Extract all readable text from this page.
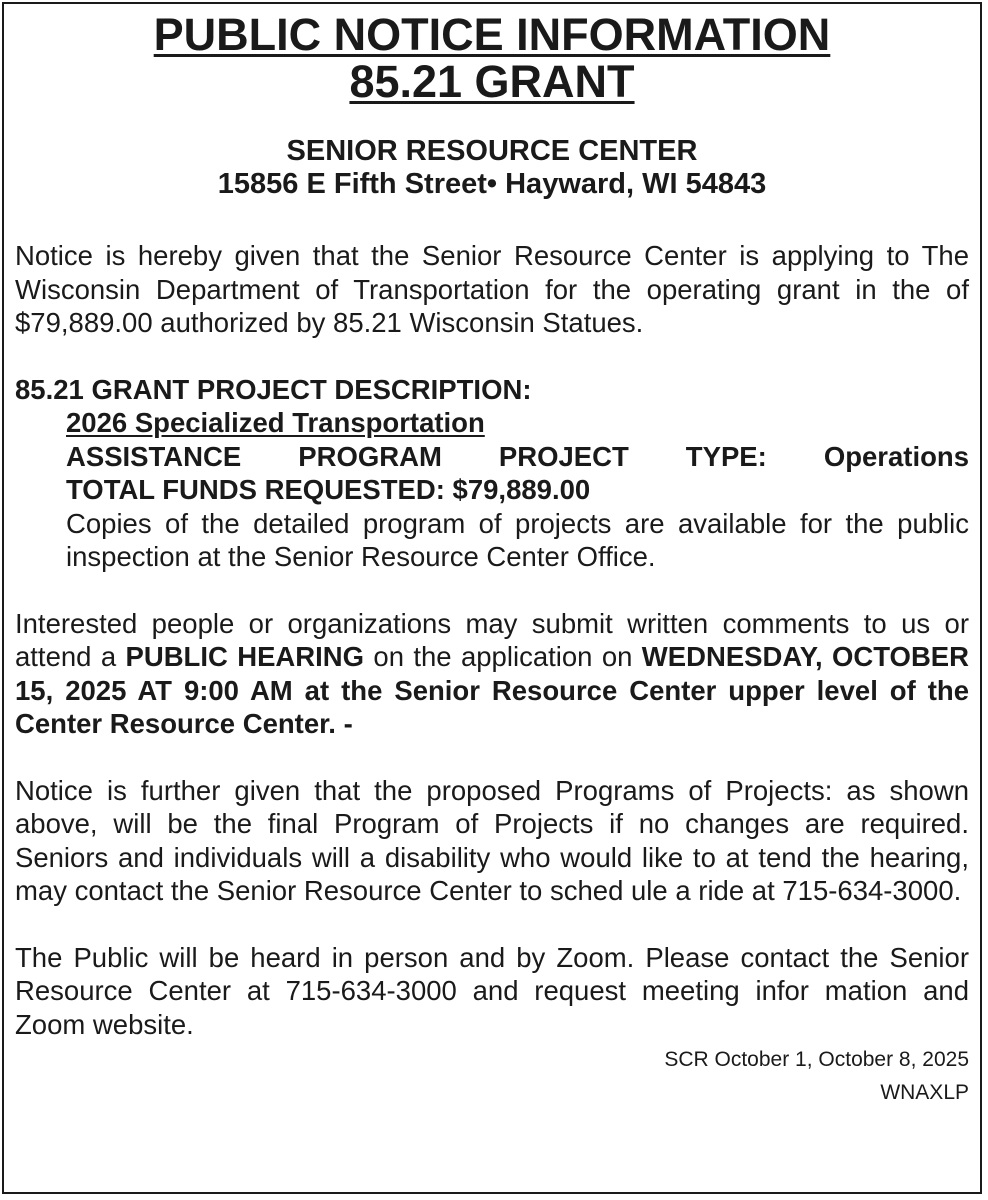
PUBLIC NOTICE INFORMATION
85.21 GRANT
SENIOR RESOURCE CENTER
15856 E Fifth Street• Hayward, WI 54843

Notice is hereby given that the Senior Resource Center is applying to The Wisconsin Department of Transportation for the operating grant in the of $79,889.00 authorized by 85.21 Wisconsin Statues.

85.21 GRANT PROJECT DESCRIPTION:
2026 Specialized Transportation
ASSISTANCE PROGRAM PROJECT TYPE: Operations
TOTAL FUNDS REQUESTED: $79,889.00
Copies of the detailed program of projects are available for the public inspection at the Senior Resource Center Office.

Interested people or organizations may submit written comments to us or attend a PUBLIC HEARING on the application on WEDNESDAY, OCTOBER 15, 2025 AT 9:00 AM at the Senior Resource Center upper level of the Center Resource Center. -

Notice is further given that the proposed Programs of Projects: as shown above, will be the final Program of Projects if no changes are required. Seniors and individuals will a disability who would like to at tend the hearing, may contact the Senior Resource Center to sched ule a ride at 715-634-3000.

The Public will be heard in person and by Zoom. Please contact the Senior Resource Center at 715-634-3000 and request meeting infor mation and Zoom website.

SCR October 1, October 8, 2025
WNAXLP
